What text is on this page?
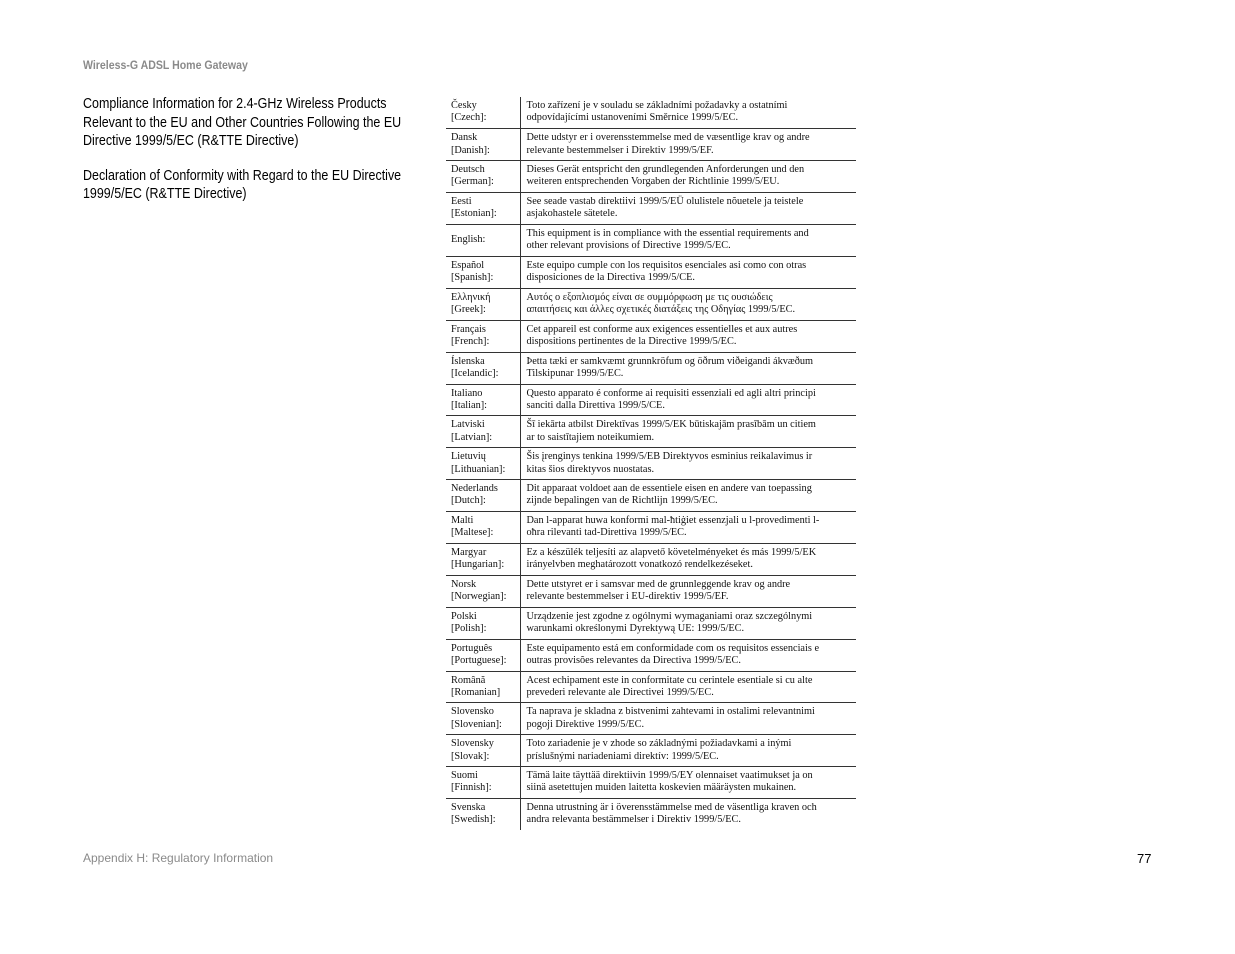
Wireless-G ADSL Home Gateway

Compliance Information for 2.4-GHz Wireless Products Relevant to the EU and Other Countries Following the EU Directive 1999/5/EC (R&TTE Directive)

Declaration of Conformity with Regard to the EU Directive 1999/5/EC (R&TTE Directive)

Česky
[Czech]:	Toto zařízení je v souladu se základními požadavky a ostatními
odpovídajícími ustanoveními Směrnice 1999/5/EC.

Dansk
[Danish]:	Dette udstyr er i overensstemmelse med de væsentlige krav og andre
relevante bestemmelser i Direktiv 1999/5/EF.

Deutsch
[German]:	Dieses Gerät entspricht den grundlegenden Anforderungen und den
weiteren entsprechenden Vorgaben der Richtlinie 1999/5/EU.

Eesti
[Estonian]:	See seade vastab direktiivi 1999/5/EÜ olulistele nõuetele ja teistele
asjakohastele sätetele.

English:	This equipment is in compliance with the essential requirements and
other relevant provisions of Directive 1999/5/EC.

Español
[Spanish]:	Este equipo cumple con los requisitos esenciales asi como con otras
disposiciones de la Directiva 1999/5/CE.

Ελληνική
[Greek]:	Αυτός ο εξοπλισμός είναι σε συμμόρφωση με τις ουσιώδεις
απαιτήσεις και άλλες σχετικές διατάξεις της Οδηγίας 1999/5/EC.

Français
[French]:	Cet appareil est conforme aux exigences essentielles et aux autres
dispositions pertinentes de la Directive 1999/5/EC.

Íslenska
[Icelandic]:	Þetta tæki er samkvæmt grunnkröfum og öðrum viðeigandi ákvæðum
Tilskipunar 1999/5/EC.

Italiano
[Italian]:	Questo apparato é conforme ai requisiti essenziali ed agli altri principi
sanciti dalla Direttiva 1999/5/CE.

Latviski
[Latvian]:	Šī iekārta atbilst Direktīvas 1999/5/EK būtiskajām prasībām un citiem
ar to saistītajiem noteikumiem.

Lietuvių
[Lithuanian]:	Šis įrenginys tenkina 1999/5/EB Direktyvos esminius reikalavimus ir
kitas šios direktyvos nuostatas.

Nederlands
[Dutch]:	Dit apparaat voldoet aan de essentiele eisen en andere van toepassing
zijnde bepalingen van de Richtlijn 1999/5/EC.

Malti
[Maltese]:	Dan l-apparat huwa konformi mal-ħtiġiet essenzjali u l-provedimenti l-
oħra rilevanti tad-Direttiva 1999/5/EC.

Margyar
[Hungarian]:	Ez a készülék teljesíti az alapvető követelményeket és más 1999/5/EK
irányelvben meghatározott vonatkozó rendelkezéseket.

Norsk
[Norwegian]:	Dette utstyret er i samsvar med de grunnleggende krav og andre
relevante bestemmelser i EU-direktiv 1999/5/EF.

Polski
[Polish]:	Urządzenie jest zgodne z ogólnymi wymaganiami oraz szczególnymi
warunkami określonymi Dyrektywą UE: 1999/5/EC.

Português
[Portuguese]:	Este equipamento está em conformidade com os requisitos essenciais e
outras provisões relevantes da Directiva 1999/5/EC.

Română
[Romanian]	Acest echipament este in conformitate cu cerintele esentiale si cu alte
prevederi relevante ale Directivei 1999/5/EC.

Slovensko
[Slovenian]:	Ta naprava je skladna z bistvenimi zahtevami in ostalimi relevantnimi
pogoji Direktive 1999/5/EC.

Slovensky
[Slovak]:	Toto zariadenie je v zhode so základnými požiadavkami a inými
príslušnými nariadeniami direktív: 1999/5/EC.

Suomi
[Finnish]:	Tämä laite täyttää direktiivin 1999/5/EY olennaiset vaatimukset ja on
siinä asetettujen muiden laitetta koskevien määräysten mukainen.

Svenska
[Swedish]:	Denna utrustning är i överensstämmelse med de väsentliga kraven och
andra relevanta bestämmelser i Direktiv 1999/5/EC.
Appendix H: Regulatory Information	77
